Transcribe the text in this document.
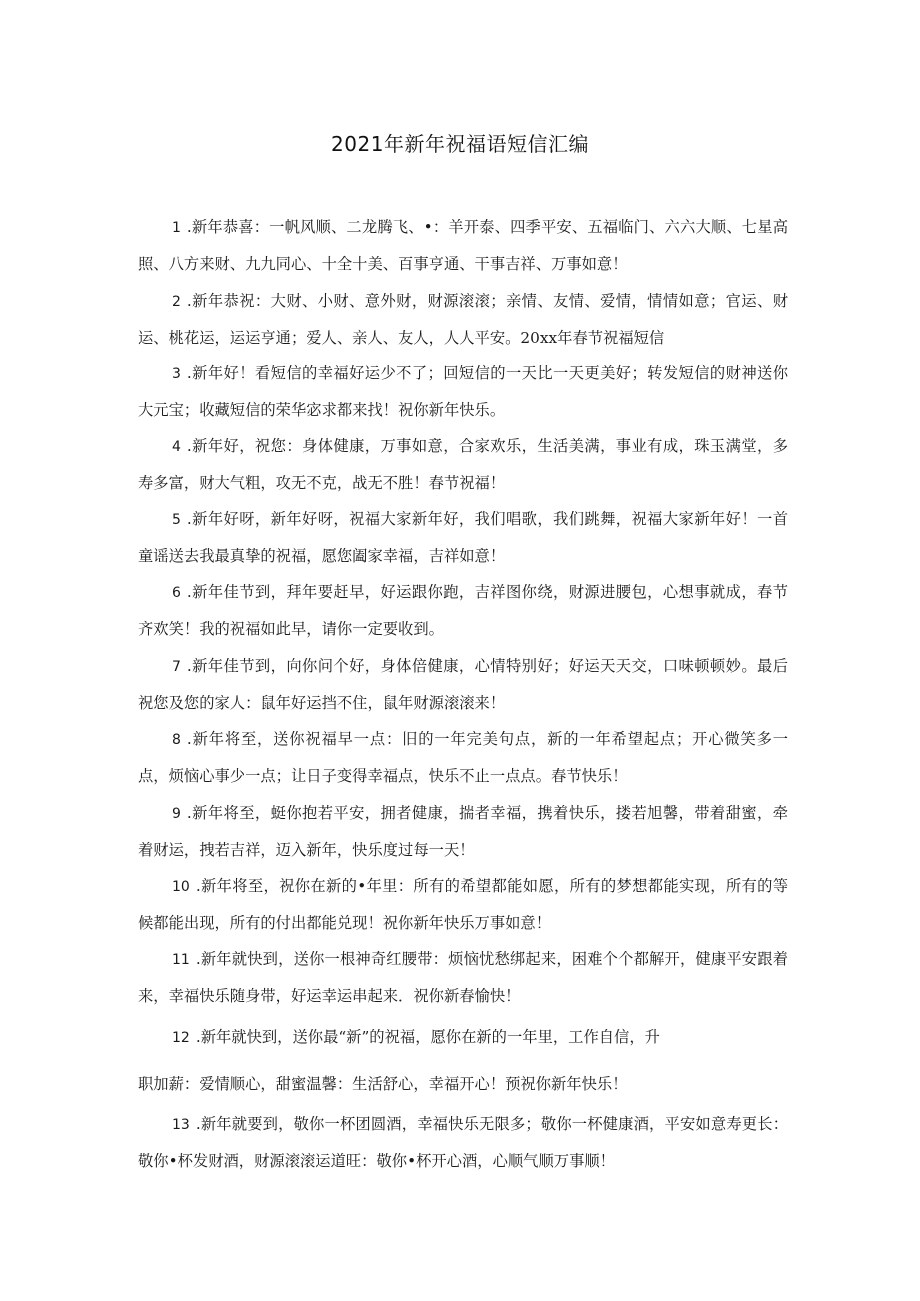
2021年新年祝福语短信汇编
1 .新年恭喜：一帆风顺、二龙腾飞、•：羊开泰、四季平安、五福临门、六六大顺、七星高照、八方来财、九九同心、十全十美、百事亨通、干事吉祥、万事如意！
2 .新年恭祝：大财、小财、意外财，财源滚滚；亲情、友情、爱情，情情如意；官运、财运、桃花运，运运亨通；爱人、亲人、友人，人人平安。20xx年春节祝福短信
3 .新年好！看短信的幸福好运少不了；回短信的一天比一天更美好；转发短信的财神送你大元宝；收藏短信的荣华宓求都来找！祝你新年快乐。
4 .新年好，祝您：身体健康，万事如意，合家欢乐，生活美满，事业有成，珠玉满堂，多寿多富，财大气粗，攻无不克，战无不胜！春节祝福！
5 .新年好呀，新年好呀，祝福大家新年好，我们唱歌，我们跳舞，祝福大家新年好！一首童谣送去我最真挚的祝福，愿您阖家幸福，吉祥如意！
6 .新年佳节到，拜年要赶早，好运跟你跑，吉祥图你绕，财源进腰包，心想事就成，春节齐欢笑！我的祝福如此早，请你一定要收到。
7 .新年佳节到，向你问个好，身体倍健康，心情特别好；好运天天交，口味顿顿妙。最后祝您及您的家人：鼠年好运挡不住，鼠年财源滚滚来！
8 .新年将至，送你祝福早一点：旧的一年完美句点，新的一年希望起点；开心微笑多一点，烦恼心事少一点；让日子变得幸福点，快乐不止一点点。春节快乐！
9 .新年将至，蜓你抱若平安，拥者健康，揣者幸福，携着快乐，搂若旭馨，带着甜蜜，牵着财运，拽若吉祥，迈入新年，快乐度过每一天！
10 .新年将至，祝你在新的•年里：所有的希望都能如愿，所有的梦想都能实现，所有的等候都能出现，所有的付出都能兑现！祝你新年快乐万事如意！
11 .新年就快到，送你一根神奇红腰带：烦恼忧愁绑起来，困难个个都解开，健康平安跟着来，幸福快乐随身带，好运幸运串起来．祝你新春愉快！
12 .新年就快到，送你最“新”的祝福，愿你在新的一年里，工作自信，升
职加薪：爱情顺心，甜蜜温馨：生活舒心，幸福开心！预祝你新年快乐！
13 .新年就要到，敬你一杯团圆酒，幸福快乐无限多；敬你一杯健康酒，平安如意寿更长：敬你•杯发财酒，财源滚滚运道旺：敬你•杯开心酒，心顺气顺万事顺！
